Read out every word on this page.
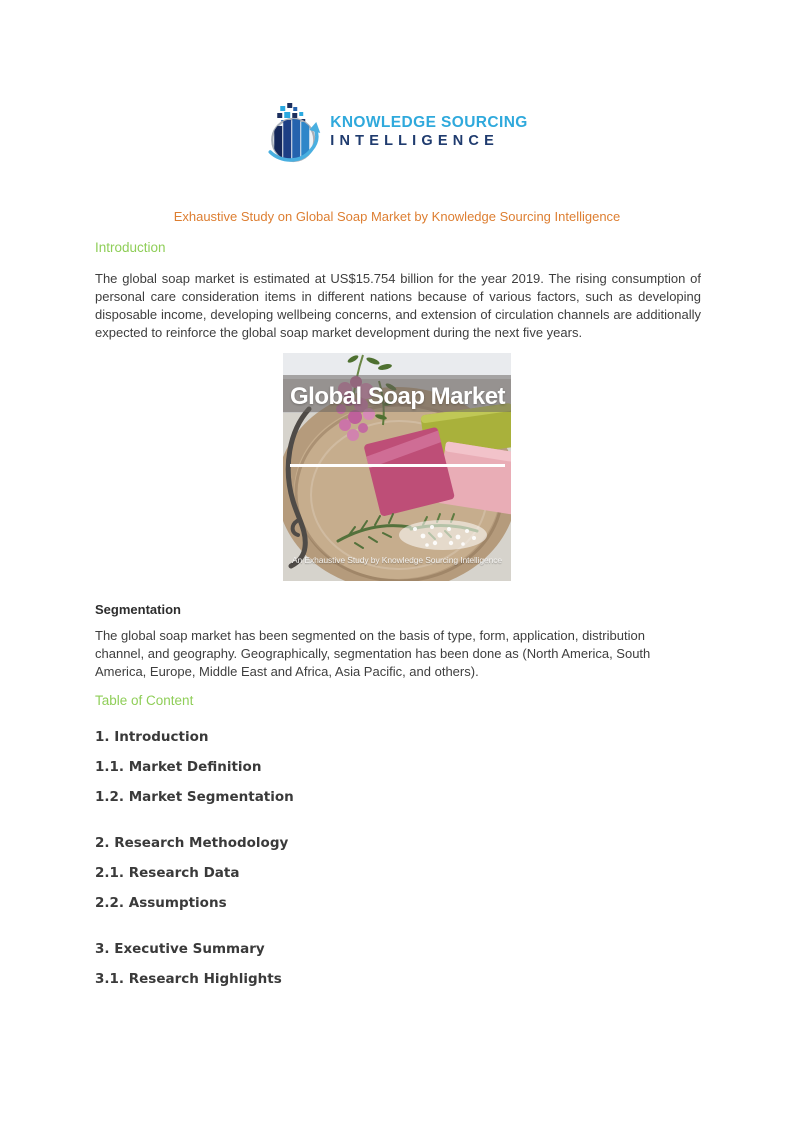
KNOWLEDGE SOURCING
INTELLIGENCE
Exhaustive Study on Global Soap Market by Knowledge Sourcing Intelligence
Introduction

The global soap market is estimated at US$15.754 billion for the year 2019. The rising consumption of personal care consideration items in different nations because of various factors, such as developing disposable income, developing wellbeing concerns, and extension of circulation channels are additionally expected to reinforce the global soap market development during the next five years.

Global Soap Market
An Exhaustive Study by Knowledge Sourcing Intelligence
Segmentation

The global soap market has been segmented on the basis of type, form, application, distribution channel, and geography. Geographically, segmentation has been done as (North America, South America, Europe, Middle East and Africa, Asia Pacific, and others).

Table of Content
1. Introduction
1.1. Market Definition
1.2. Market Segmentation
2. Research Methodology
2.1. Research Data
2.2. Assumptions
3. Executive Summary
3.1. Research Highlights
